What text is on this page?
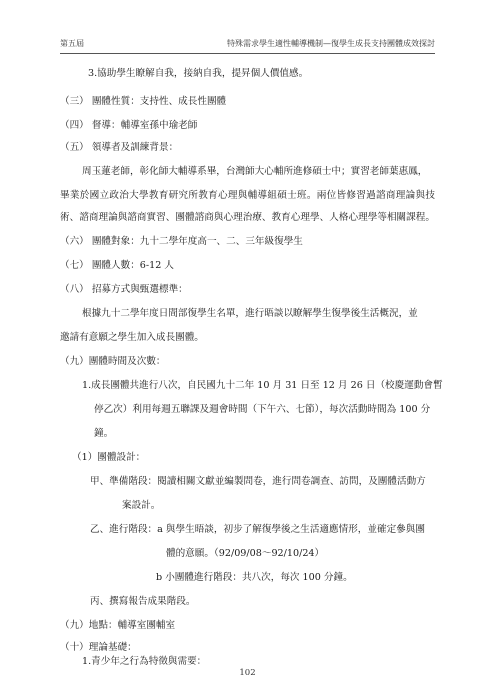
第五屆	特殊需求學生適性輔導機制—復學生成長支持團體成效探討
3.協助學生瞭解自我，接納自我，提昇個人價值感。
（三） 團體性質：支持性、成長性團體
（四） 督導：輔導室孫中瑜老師
（五） 領導者及訓練背景：
周玉蓮老師，彰化師大輔導系畢，台灣師大心輔所進修碩士中；實習老師葉惠鳳，
畢業於國立政治大學教育研究所教育心理與輔導組碩士班。兩位皆修習過諮商理論與技
術、諮商理論與諮商實習、團體諮商與心理治療、教育心理學、人格心理學等相關課程。
（六） 團體對象：九十二學年度高一、二、三年級復學生
（七） 團體人數：6-12 人
（八） 招募方式與甄選標準：
根據九十二學年度日間部復學生名單，進行晤談以瞭解學生復學後生活概況，並
邀請有意願之學生加入成長團體。
（九）團體時間及次數：
1.成長團體共進行八次，自民國九十二年 10 月 31 日至 12 月 26 日（校慶運動會暫
停乙次）利用每週五聯課及週會時間（下午六、七節），每次活動時間為 100 分
鐘。
（1）團體設計：
甲、準備階段：閱讀相關文獻並編製問卷，進行問卷調查、訪問，及團體活動方
案設計。
乙、進行階段：a 與學生晤談，初步了解復學後之生活適應情形，並確定參與團
體的意願。（92/09/08～92/10/24）
b 小團體進行階段：共八次，每次 100 分鐘。
丙、撰寫報告成果階段。
（九）地點：輔導室團輔室
（十）理論基礎：
1.青少年之行為特徵與需要：
102
